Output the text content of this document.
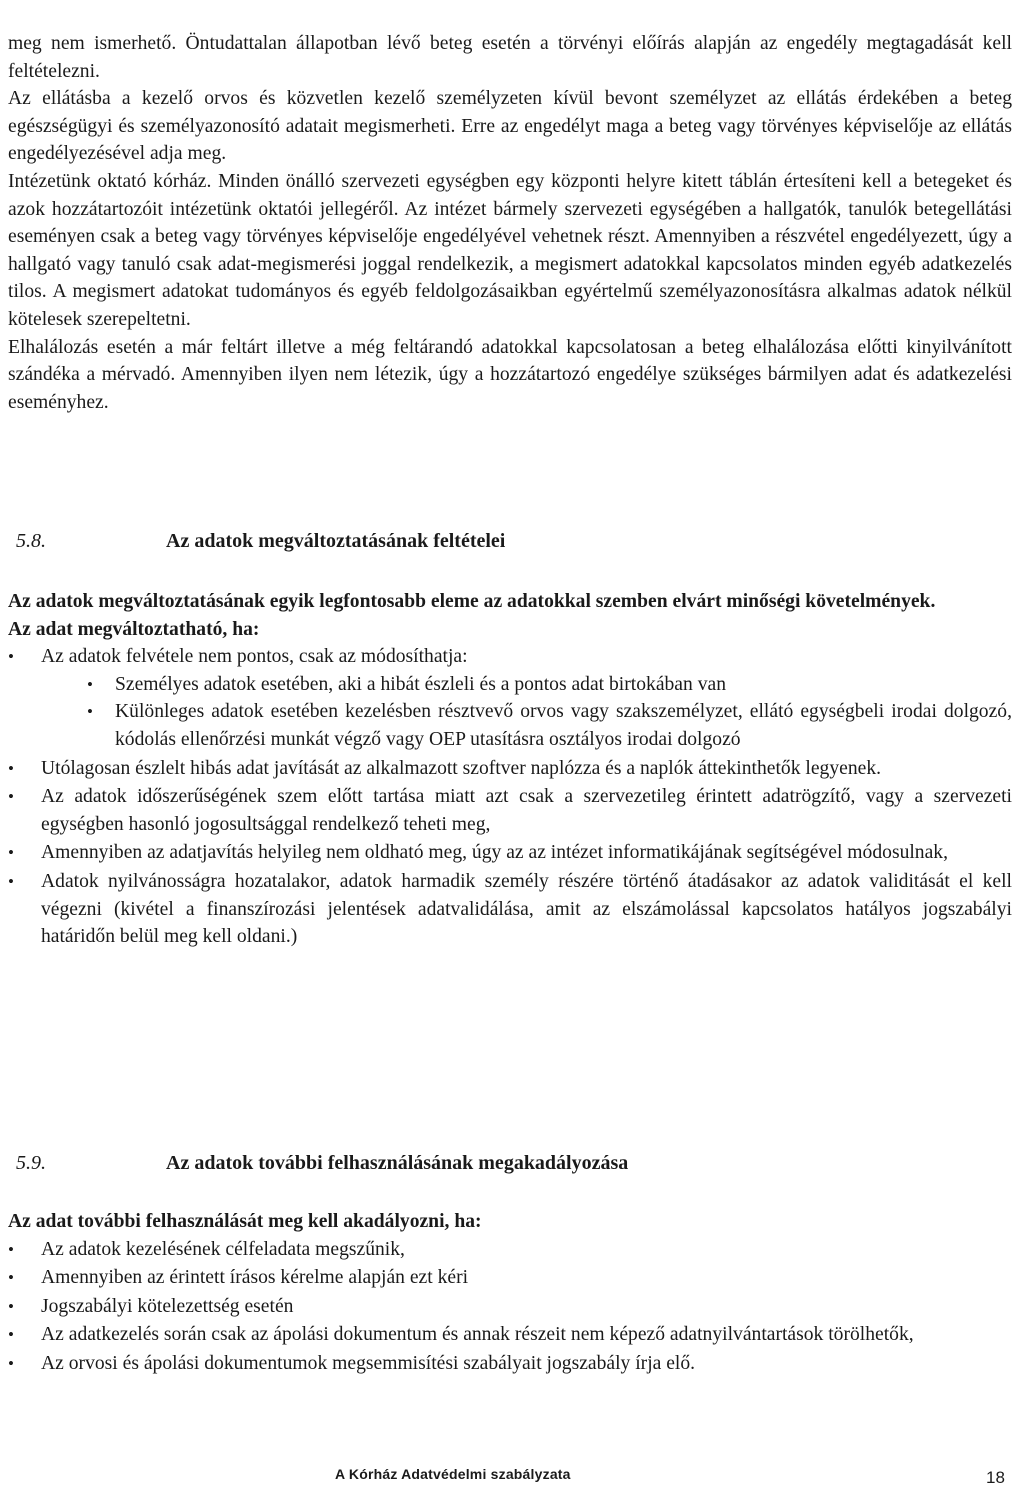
meg nem ismerhető. Öntudattalan állapotban lévő beteg esetén a törvényi előírás alapján az engedély megtagadását kell feltételezni.

Az ellátásba a kezelő orvos és közvetlen kezelő személyzeten kívül bevont személyzet az ellátás érdekében a beteg egészségügyi és személyazonosító adatait megismerheti. Erre az engedélyt maga a beteg vagy törvényes képviselője az ellátás engedélyezésével adja meg.

Intézetünk oktató kórház. Minden önálló szervezeti egységben egy központi helyre kitett táblán értesíteni kell a betegeket és azok hozzátartozóit intézetünk oktatói jellegéről. Az intézet bármely szervezeti egységében a hallgatók, tanulók betegellátási eseményen csak a beteg vagy törvényes képviselője engedélyével vehetnek részt. Amennyiben a részvétel engedélyezett, úgy a hallgató vagy tanuló csak adat-megismerési joggal rendelkezik, a megismert adatokkal kapcsolatos minden egyéb adatkezelés tilos. A megismert adatokat tudományos és egyéb feldolgozásaikban egyértelmű személyazonosításra alkalmas adatok nélkül kötelesek szerepeltetni.

Elhalálozás esetén a már feltárt illetve a még feltárandó adatokkal kapcsolatosan a beteg elhalálozása előtti kinyilvánított szándéka a mérvadó. Amennyiben ilyen nem létezik, úgy a hozzátartozó engedélye szükséges bármilyen adat és adatkezelési eseményhez.

5.8.	Az adatok megváltoztatásának feltételei

Az adatok megváltoztatásának egyik legfontosabb eleme az adatokkal szemben elvárt minőségi követelmények.

Az adat megváltoztatható, ha:

• Az adatok felvétele nem pontos, csak az módosíthatja:
• Személyes adatok esetében, aki a hibát észleli és a pontos adat birtokában van
• Különleges adatok esetében kezelésben résztvevő orvos vagy szakszemélyzet, ellátó egységbeli irodai dolgozó, kódolás ellenőrzési munkát végző vagy OEP utasításra osztályos irodai dolgozó
• Utólagosan észlelt hibás adat javítását az alkalmazott szoftver naplózza és a naplók áttekinthetők legyenek.
• Az adatok időszerűségének szem előtt tartása miatt azt csak a szervezetileg érintett adatrögzítő, vagy a szervezeti egységben hasonló jogosultsággal rendelkező teheti meg,
• Amennyiben az adatjavítás helyileg nem oldható meg, úgy az az intézet informatikájának segítségével módosulnak,
• Adatok nyilvánosságra hozatalakor, adatok harmadik személy részére történő átadásakor az adatok validitását el kell végezni (kivétel a finanszírozási jelentések adatvalidálása, amit az elszámolással kapcsolatos hatályos jogszabályi határidőn belül meg kell oldani.)
5.9.	Az adatok további felhasználásának megakadályozása

Az adat további felhasználását meg kell akadályozni, ha:

• Az adatok kezelésének célfeladata megszűnik,
• Amennyiben az érintett írásos kérelme alapján ezt kéri
• Jogszabályi kötelezettség esetén
• Az adatkezelés során csak az ápolási dokumentum és annak részeit nem képező adatnyilvántartások törölhetők,
• Az orvosi és ápolási dokumentumok megsemmisítési szabályait jogszabály írja elő.
A Kórház Adatvédelmi szabályzata	18
